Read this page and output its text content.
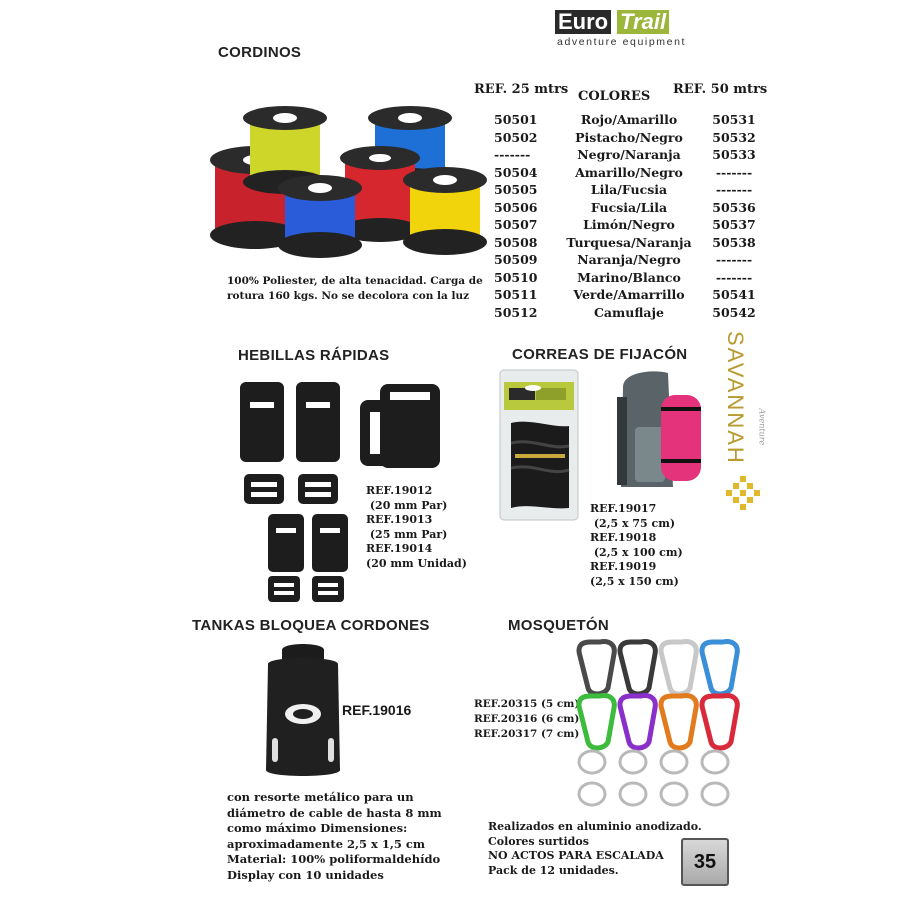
Euro Trail
adventure equipment
CORDINOS
100% Poliester, de alta tenacidad. Carga de
rotura 160 kgs. No se decolora con la luz
REF. 25 mtrs COLORES REF. 50 mtrs
50501	Rojo/Amarillo	50531
50502	Pistacho/Negro	50532
-------	Negro/Naranja	50533
50504	Amarillo/Negro	-------
50505	Lila/Fucsia	-------
50506	Fucsia/Lila	50536
50507	Limón/Negro	50537
50508 Turquesa/Naranja	50538
50509	Naranja/Negro	-------
50510	Marino/Blanco	-------
50511	Verde/Amarrillo	50541
50512	Camuflaje	50542
HEBILLAS RÁPIDAS
REF.19012
(20 mm Par)
REF.19013
(25 mm Par)
REF.19014
(20 mm Unidad)
CORREAS DE FIJACÓN
REF.19017
(2,5 x 75 cm)
REF.19018
(2,5 x 100 cm)
REF.19019
(2,5 x 150 cm)
SAVANNAH Aventure
TANKAS BLOQUEA CORDONES
REF.19016
con resorte metálico para un
diámetro de cable de hasta 8 mm
como máximo Dimensiones:
aproximadamente 2,5 x 1,5 cm
Material: 100% poliformaldehído
Display con 10 unidades
MOSQUETÓN
REF.20315 (5 cm)
REF.20316 (6 cm)
REF.20317 (7 cm)
Realizados en aluminio anodizado.
Colores surtidos
NO ACTOS PARA ESCALADA
Pack de 12 unidades.	35
